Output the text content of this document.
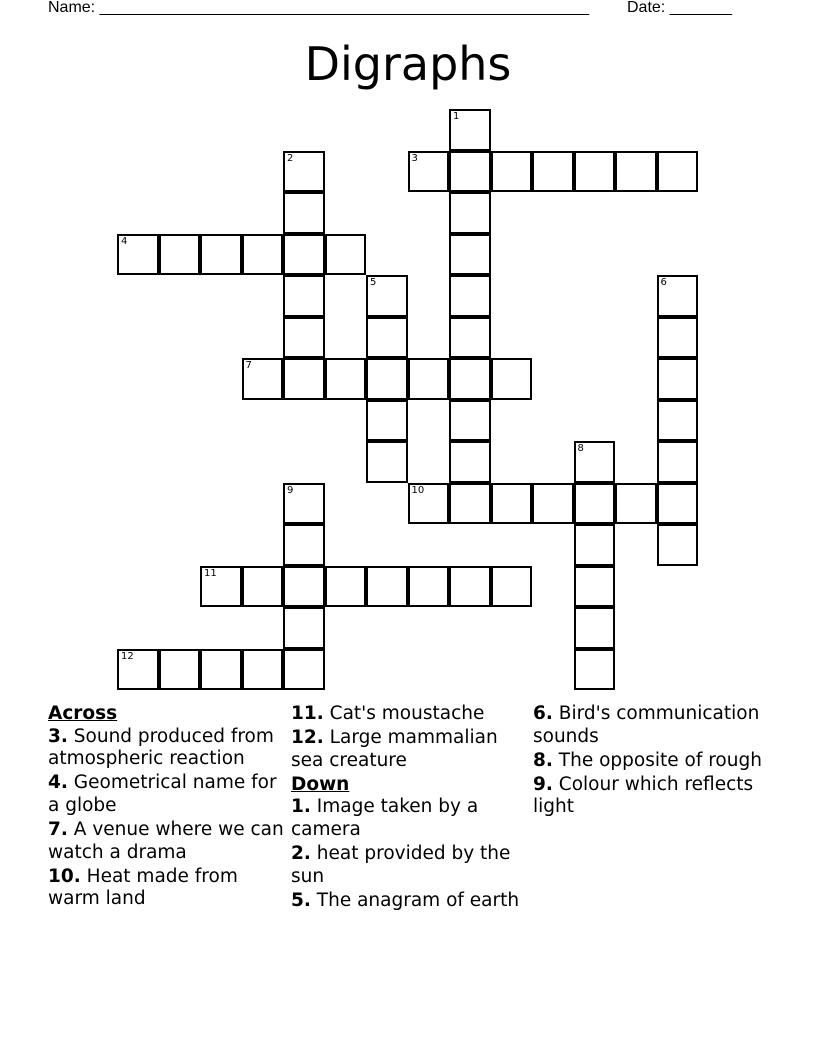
Name: _______________________________________________________ Date: _______
Digraphs
1
2	3
4
5	6
7
8
9	10
11
12
Across
3. Sound produced from atmospheric reaction
4. Geometrical name for a globe
7. A venue where we can watch a drama
10. Heat made from warm land
11. Cat's moustache
12. Large mammalian sea creature
Down
1. Image taken by a camera
2. heat provided by the sun
5. The anagram of earth
6. Bird's communication sounds
8. The opposite of rough
9. Colour which reflects light
